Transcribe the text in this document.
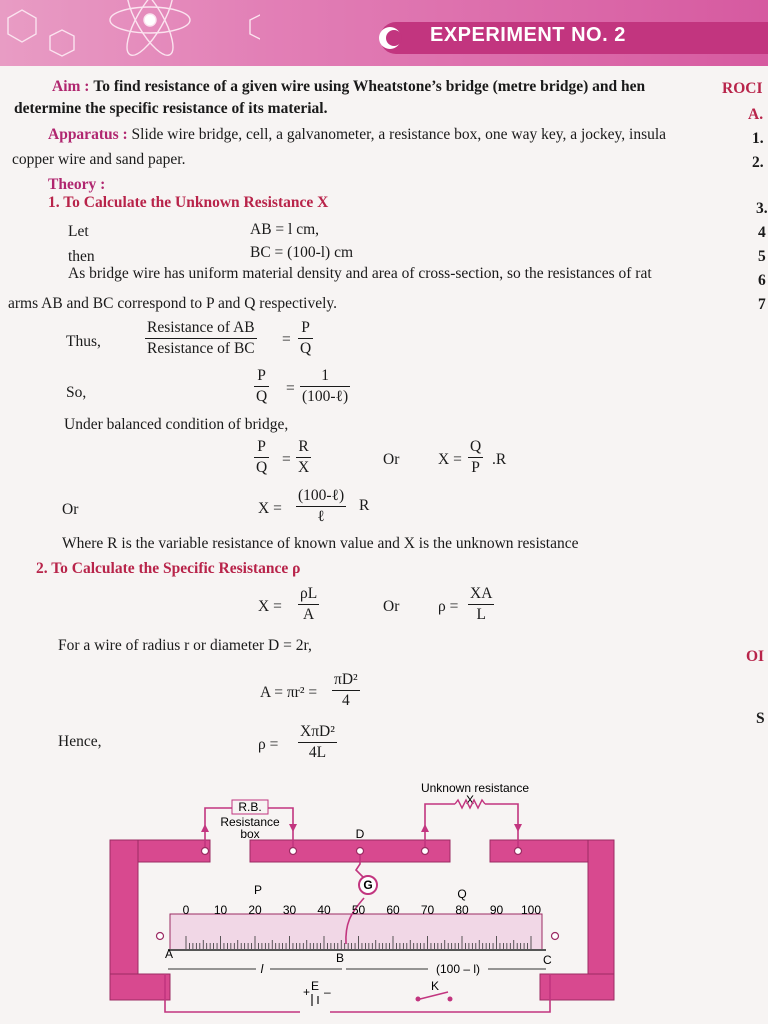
EXPERIMENT NO. 2
Aim : To find resistance of a given wire using Wheatstone’s bridge (metre bridge) and hen
determine the specific resistance of its material.
Apparatus : Slide wire bridge, cell, a galvanometer, a resistance box, one way key, a jockey, insula
copper wire and sand paper.
Theory :
1. To Calculate the Unknown Resistance X
Let	AB = l cm,
then	BC = (100-l) cm
As bridge wire has uniform material density and area of cross-section, so the resistances of rat
arms AB and BC correspond to P and Q respectively.
Thus,
Resistance of AB
Resistance of BC
= $\frac{P}{Q}$
So,	$\frac{P}{Q}$ =
1
(100-ℓ)
Under balanced condition of bridge,
$\frac{P}{Q} = \frac{R}{X}$	Or $X = \frac{Q}{P} .R$
Or	X =
(100-ℓ)
ℓ
R
Where R is the variable resistance of known value and X is the unknown resistance
2. To Calculate the Specific Resistance ρ
$X = \frac{\rho L}{A}$	Or $\rho = \frac{XA}{L}$
For a wire of radius r or diameter D = 2r,
$A = \pi r^2 = \frac{\text{πD²}}{4}$
Hence,	ρ =
XπD²
4L
ROCI
A.
1.
2.
3.
4
5
6
7
OI
S
R.B.
Resistance
box
Unknown resistance
X
G
D
P	Q
0 10 20 30 40 50 60 70 80 90 100
A	B	C
l	(100 – l)
E
+ –	K
